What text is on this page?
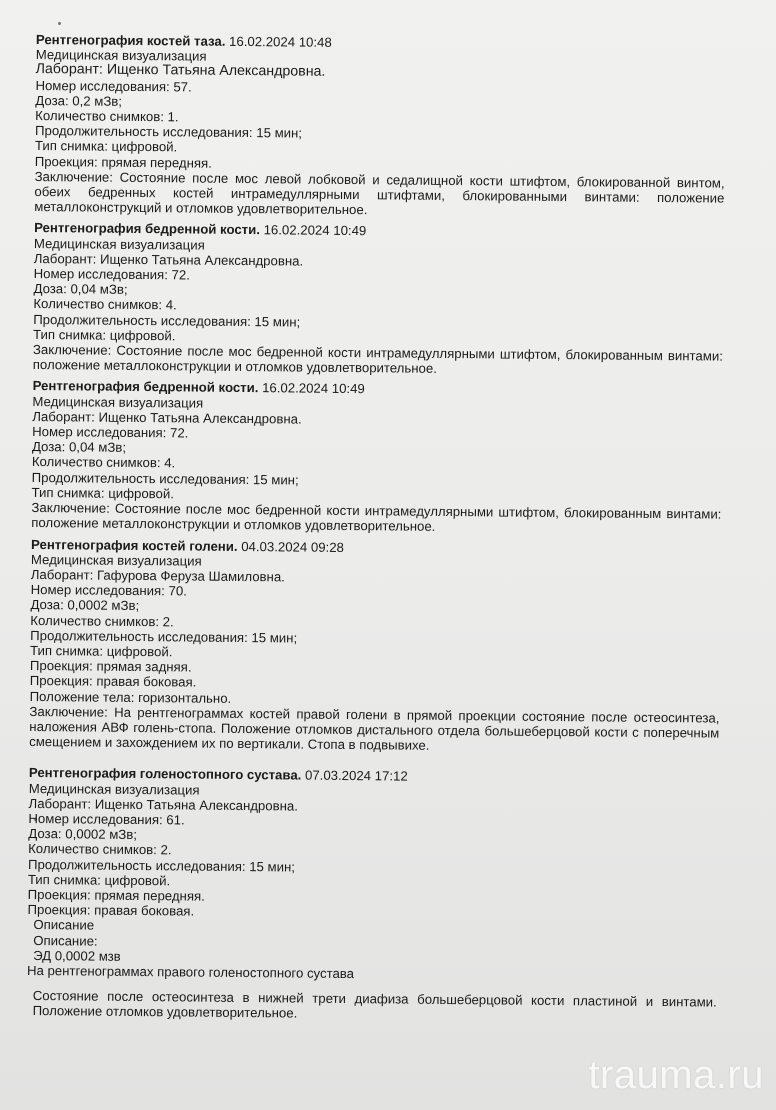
Рентгенография костей таза. 16.02.2024 10:48

Медицинская визуализация

Лаборант: Ищенко Татьяна Александровна.

Номер исследования: 57.

Доза: 0,2 мЗв;

Количество снимков: 1.

Продолжительность исследования: 15 мин;

Тип снимка: цифровой.

Проекция: прямая передняя.

Заключение: Состояние после мос левой лобковой и седалищной кости штифтом, блокированной винтом, обеих бедренных костей интрамедуллярными штифтами, блокированными винтами: положение металлоконструкций и отломков удовлетворительное.

Рентгенография бедренной кости. 16.02.2024 10:49

Медицинская визуализация

Лаборант: Ищенко Татьяна Александровна.

Номер исследования: 72.

Доза: 0,04 мЗв;

Количество снимков: 4.

Продолжительность исследования: 15 мин;

Тип снимка: цифровой.

Заключение: Состояние после мос бедренной кости интрамедуллярными штифтом, блокированным винтами: положение металлоконструкции и отломков удовлетворительное.

Рентгенография бедренной кости. 16.02.2024 10:49

Медицинская визуализация

Лаборант: Ищенко Татьяна Александровна.

Номер исследования: 72.

Доза: 0,04 мЗв;

Количество снимков: 4.

Продолжительность исследования: 15 мин;

Тип снимка: цифровой.

Заключение: Состояние после мос бедренной кости интрамедуллярными штифтом, блокированным винтами: положение металлоконструкции и отломков удовлетворительное.

Рентгенография костей голени. 04.03.2024 09:28

Медицинская визуализация

Лаборант: Гафурова Феруза Шамиловна.

Номер исследования: 70.

Доза: 0,0002 мЗв;

Количество снимков: 2.

Продолжительность исследования: 15 мин;

Тип снимка: цифровой.

Проекция: прямая задняя.

Проекция: правая боковая.

Положение тела: горизонтально.

Заключение: На рентгенограммах костей правой голени в прямой проекции состояние после остеосинтеза, наложения АВФ голень-стопа. Положение отломков дистального отдела большеберцовой кости с поперечным смещением и захождением их по вертикали. Стопа в подвывихе.

Рентгенография голеностопного сустава. 07.03.2024 17:12

Медицинская визуализация

Лаборант: Ищенко Татьяна Александровна.

Номер исследования: 61.

Доза: 0,0002 мЗв;

Количество снимков: 2.

Продолжительность исследования: 15 мин;

Тип снимка: цифровой.

Проекция: прямая передняя.

Проекция: правая боковая.

Описание

Описание:

ЭД 0,0002 мзв

На рентгенограммах правого голеностопного сустава

Состояние после остеосинтеза в нижней трети диафиза большеберцовой кости пластиной и винтами. Положение отломков удовлетворительное.

trauma.ru
